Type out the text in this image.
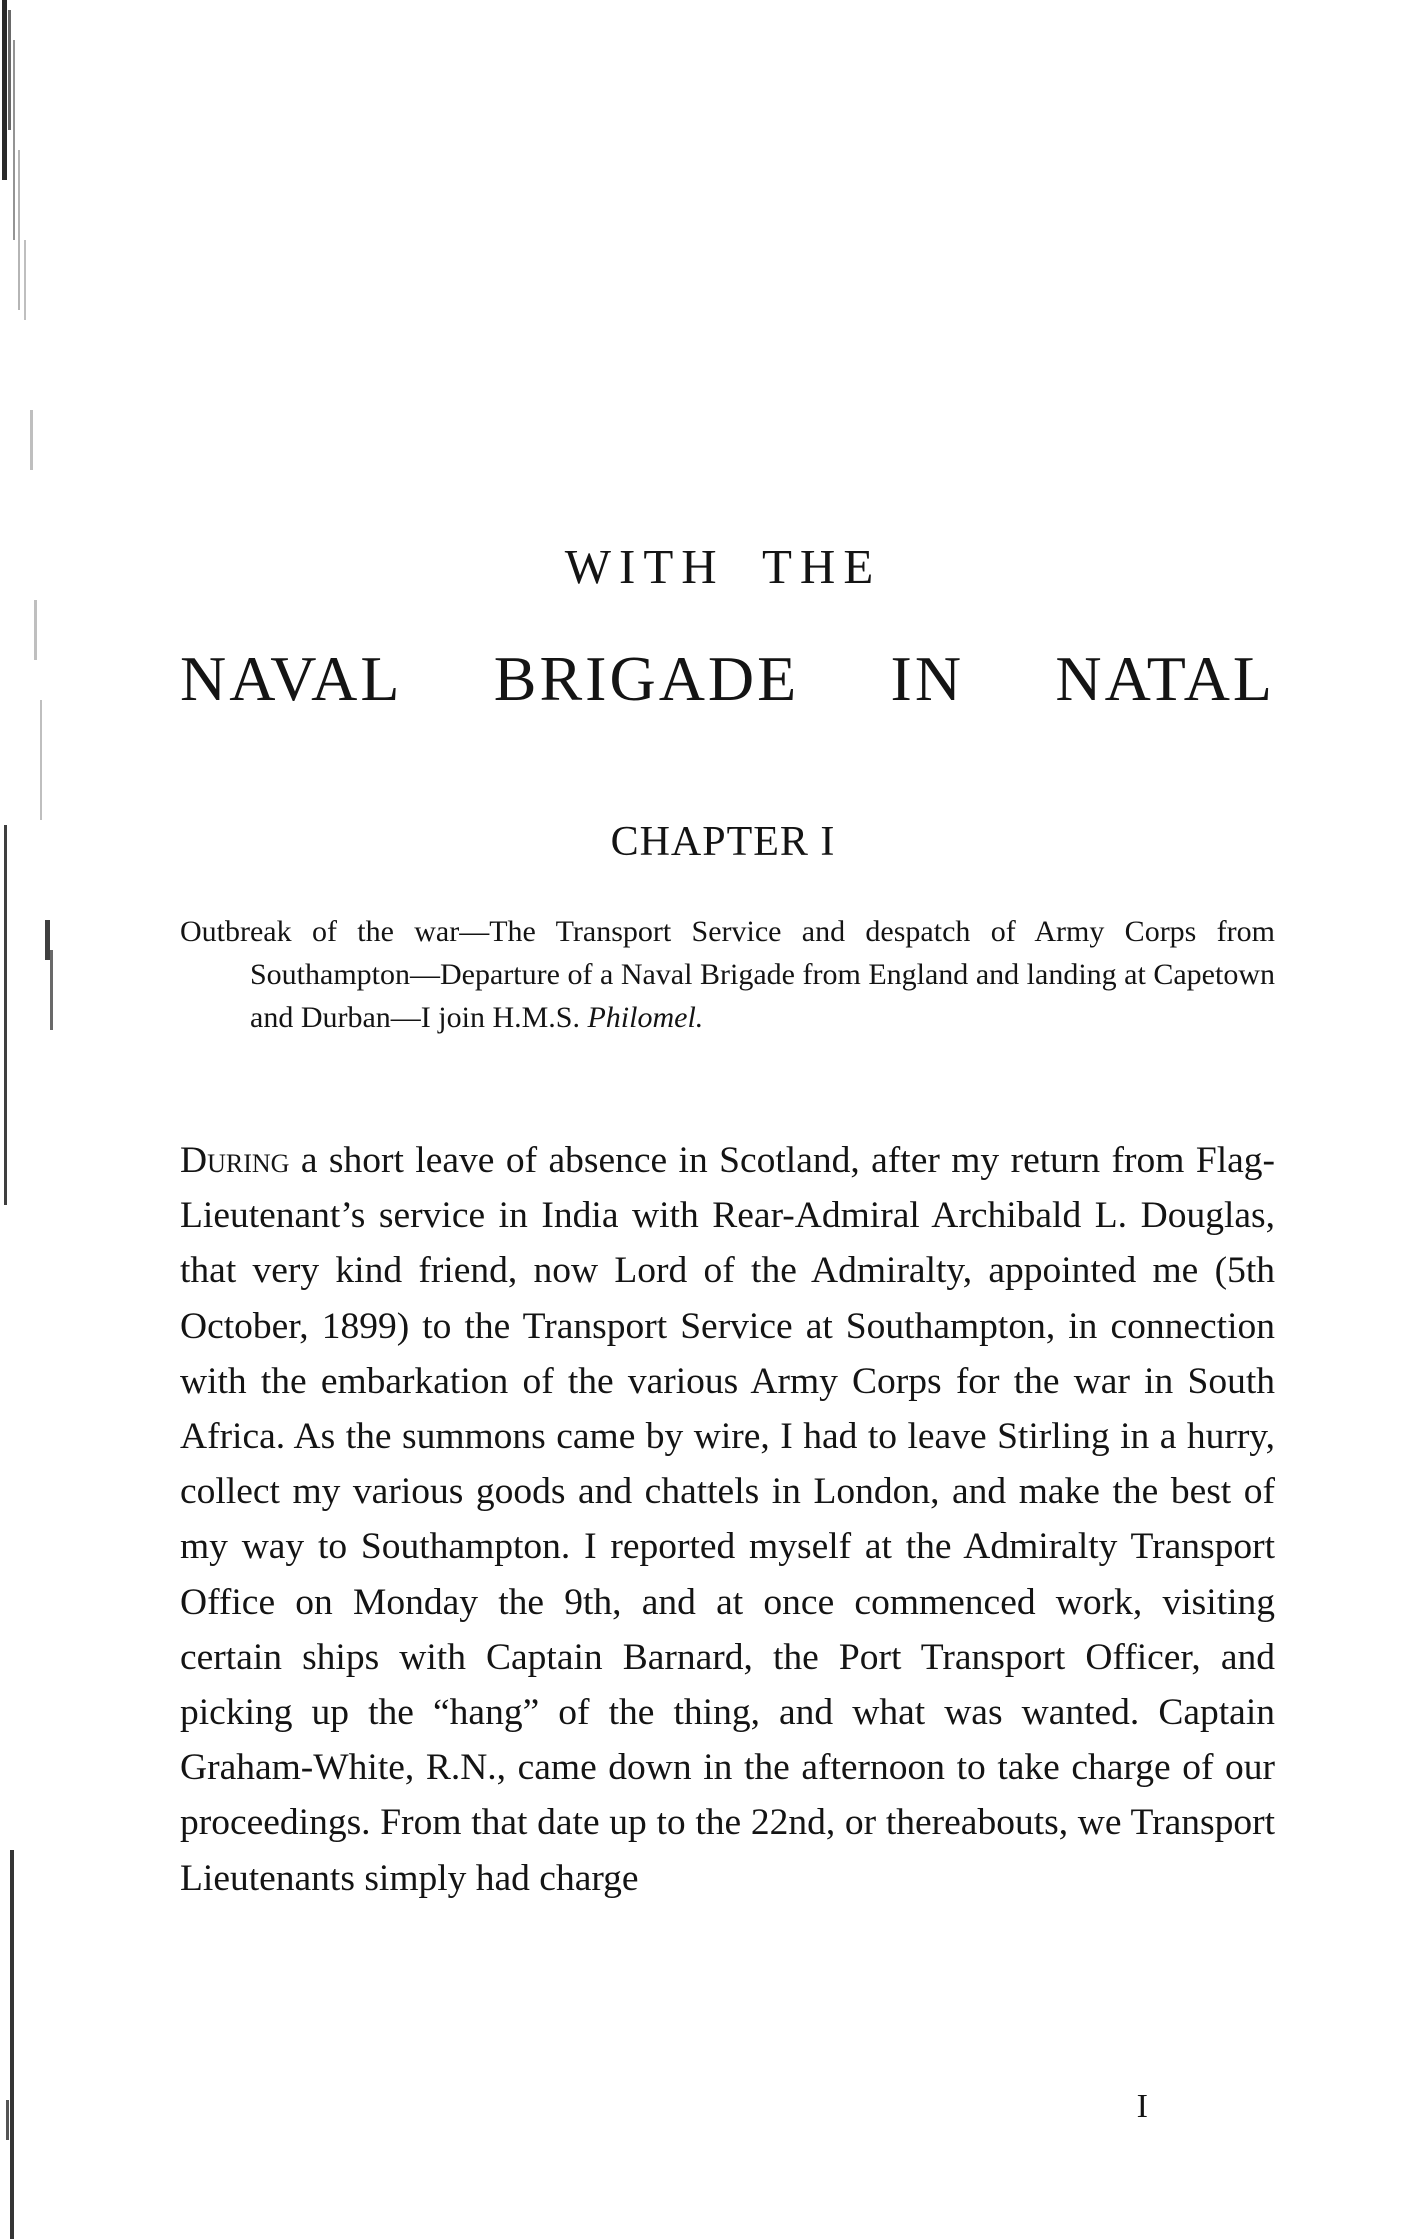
WITH THE
NAVAL BRIGADE IN NATAL
CHAPTER I

Outbreak of the war—The Transport Service and despatch of Army Corps from Southampton—Departure of a Naval Brigade from England and landing at Capetown and Durban—I join H.M.S. Philomel.

During a short leave of absence in Scotland, after my return from Flag-Lieutenant’s service in India with Rear-Admiral Archibald L. Douglas, that very kind friend, now Lord of the Admiralty, appointed me (5th October, 1899) to the Transport Service at Southampton, in connection with the embarkation of the various Army Corps for the war in South Africa. As the summons came by wire, I had to leave Stirling in a hurry, collect my various goods and chattels in London, and make the best of my way to Southampton. I reported myself at the Admiralty Transport Office on Monday the 9th, and at once commenced work, visiting certain ships with Captain Barnard, the Port Transport Officer, and picking up the “hang” of the thing, and what was wanted. Captain Graham-White, R.N., came down in the afternoon to take charge of our proceedings. From that date up to the 22nd, or thereabouts, we Transport Lieutenants simply had charge

I
